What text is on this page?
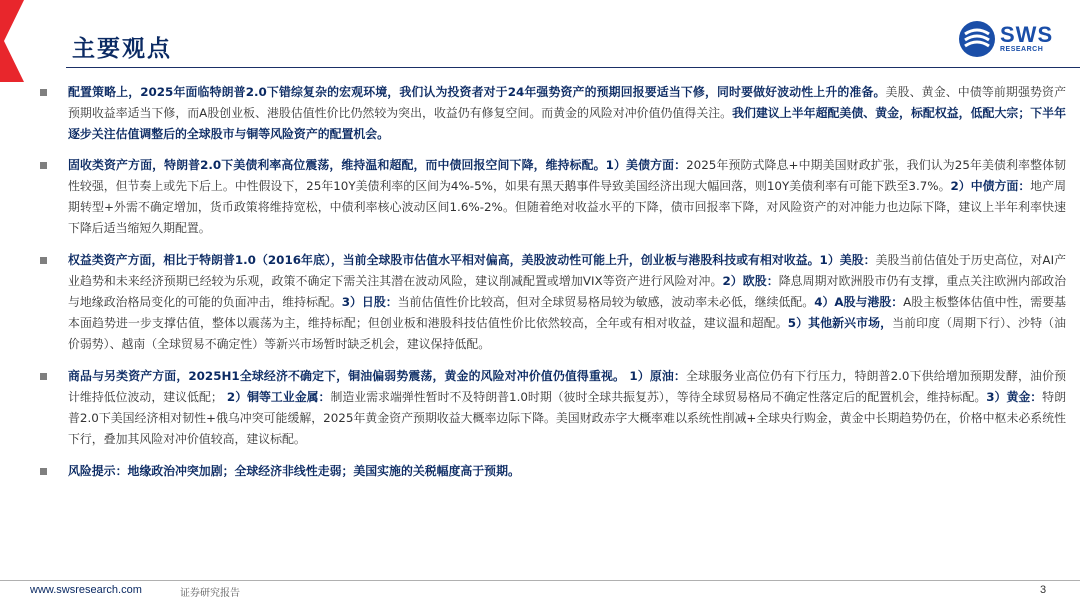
主要观点
SWS
RESEARCH
配置策略上，2025年面临特朗普2.0下错综复杂的宏观环境，我们认为投资者对于24年强势资产的预期回报要适当下修，同时要做好波动性上升的准备。美股、黄金、中债等前期强势资产预期收益率适当下修，而A股创业板、港股估值性价比仍然较为突出，收益仍有修复空间。而黄金的风险对冲价值仍值得关注。我们建议上半年超配美债、黄金，标配权益，低配大宗；下半年逐步关注估值调整后的全球股市与铜等风险资产的配置机会。
固收类资产方面，特朗普2.0下美债利率高位震荡，维持温和超配，而中债回报空间下降，维持标配。1）美债方面：2025年预防式降息+中期美国财政扩张，我们认为25年美债利率整体韧性较强，但节奏上或先下后上。中性假设下，25年10Y美债利率的区间为4%-5%，如果有黑天鹅事件导致美国经济出现大幅回落，则10Y美债利率有可能下跌至3.7%。2）中债方面：地产周期转型+外需不确定增加，货币政策将维持宽松，中债利率核心波动区间1.6%-2%。但随着绝对收益水平的下降，债市回报率下降，对风险资产的对冲能力也边际下降，建议上半年利率快速下降后适当缩短久期配置。
权益类资产方面，相比于特朗普1.0（2016年底），当前全球股市估值水平相对偏高，美股波动性可能上升，创业板与港股科技或有相对收益。1）美股：美股当前估值处于历史高位，对AI产业趋势和未来经济预期已经较为乐观，政策不确定下需关注其潜在波动风险，建议削减配置或增加VIX等资产进行风险对冲。2）欧股：降息周期对欧洲股市仍有支撑，重点关注欧洲内部政治与地缘政治格局变化的可能的负面冲击，维持标配。3）日股：当前估值性价比较高，但对全球贸易格局较为敏感，波动率未必低，继续低配。4）A股与港股：A股主板整体估值中性，需要基本面趋势进一步支撑估值，整体以震荡为主，维持标配；但创业板和港股科技估值性价比依然较高，全年或有相对收益，建议温和超配。5）其他新兴市场，当前印度（周期下行）、沙特（油价弱势）、越南（全球贸易不确定性）等新兴市场暂时缺乏机会，建议保持低配。
商品与另类资产方面，2025H1全球经济不确定下，铜油偏弱势震荡，黄金的风险对冲价值仍值得重视。 1）原油：全球服务业高位仍有下行压力，特朗普2.0下供给增加预期发酵，油价预计维持低位波动，建议低配； 2）铜等工业金属：制造业需求端弹性暂时不及特朗普1.0时期（彼时全球共振复苏），等待全球贸易格局不确定性落定后的配置机会，维持标配。3）黄金：特朗普2.0下美国经济相对韧性+俄乌冲突可能缓解，2025年黄金资产预期收益大概率边际下降。美国财政赤字大概率难以系统性削减+全球央行购金，黄金中长期趋势仍在，价格中枢未必系统性下行，叠加其风险对冲价值较高，建议标配。
风险提示：地缘政治冲突加剧；全球经济非线性走弱；美国实施的关税幅度高于预期。
www.swsresearch.com	证券研究报告	3
